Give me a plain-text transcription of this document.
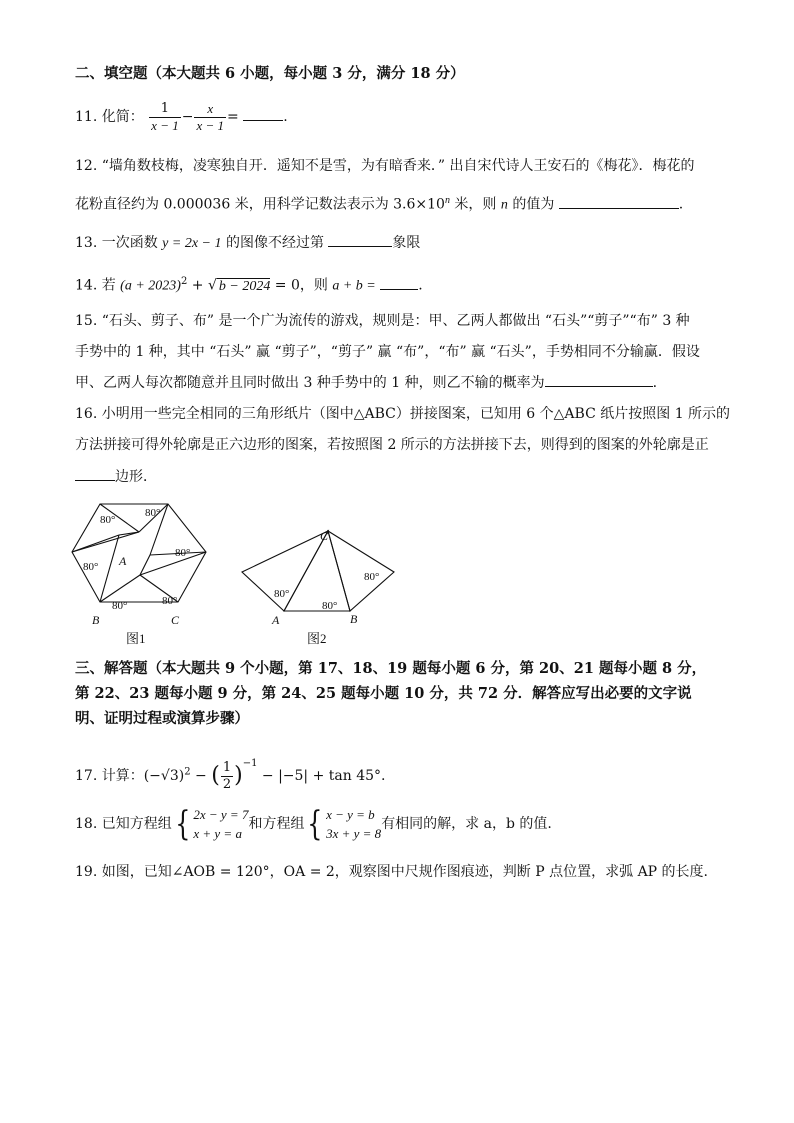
二、填空题（本大题共 6 小题，每小题 3 分，满分 18 分）
11. 化简： $\frac{1}{x - 1} - \frac{x}{x - 1}$ =	.
12. “墙角数枝梅，凌寒独自开．遥知不是雪，为有暗香来．” 出自宋代诗人王安石的《梅花》．梅花的
花粉直径约为 0.000036 米，用科学记数法表示为 $3.6\times 10^n$ 米，则 n 的值为	.
13. 一次函数 y = 2x − 1 的图像不经过第	象限
14. 若 $(a + 2023)^2$ + √ b − 2024 = 0，则 a + b =	.
15. “石头、剪子、布” 是一个广为流传的游戏，规则是：甲、乙两人都做出 “石头”“剪子”“布” 3 种
手势中的 1 种，其中 “石头” 赢 “剪子”，“剪子” 赢 “布”，“布” 赢 “石头”，手势相同不分输赢．假设
甲、乙两人每次都随意并且同时做出 3 种手势中的 1 种，则乙不输的概率为	.
16. 小明用一些完全相同的三角形纸片（图中△ABC）拼接图案，已知用 6 个△ABC 纸片按照图 1 所示的
方法拼接可得外轮廓是正六边形的图案，若按照图 2 所示的方法拼接下去，则得到的图案的外轮廓是正
边形．
80°
80°
80°
80°
80°	80°
A
B	C
图1
80°
80°
80°
C
A	B
图2
三、解答题（本大题共 9 个小题，第 17、18、19 题每小题 6 分，第 20、21 题每小题 8 分，
第 22、23 题每小题 9 分，第 24、25 题每小题 10 分，共 72 分．解答应写出必要的文字说
明、证明过程或演算步骤）
17. 计算：$(-√3)^2$ − ( $\frac{1}{2} )^{-1} - |-5| + \tan 45^\circ$.
18. 已知方程组 { 2x − y = 7
x + y = a
和方程组 { x − y = b
3x + y = 8
有相同的解，求 a，b 的值.
19. 如图，已知∠AOB = 120°，OA = 2，观察图中尺规作图痕迹，判断 P 点位置，求弧 AP 的长度.
